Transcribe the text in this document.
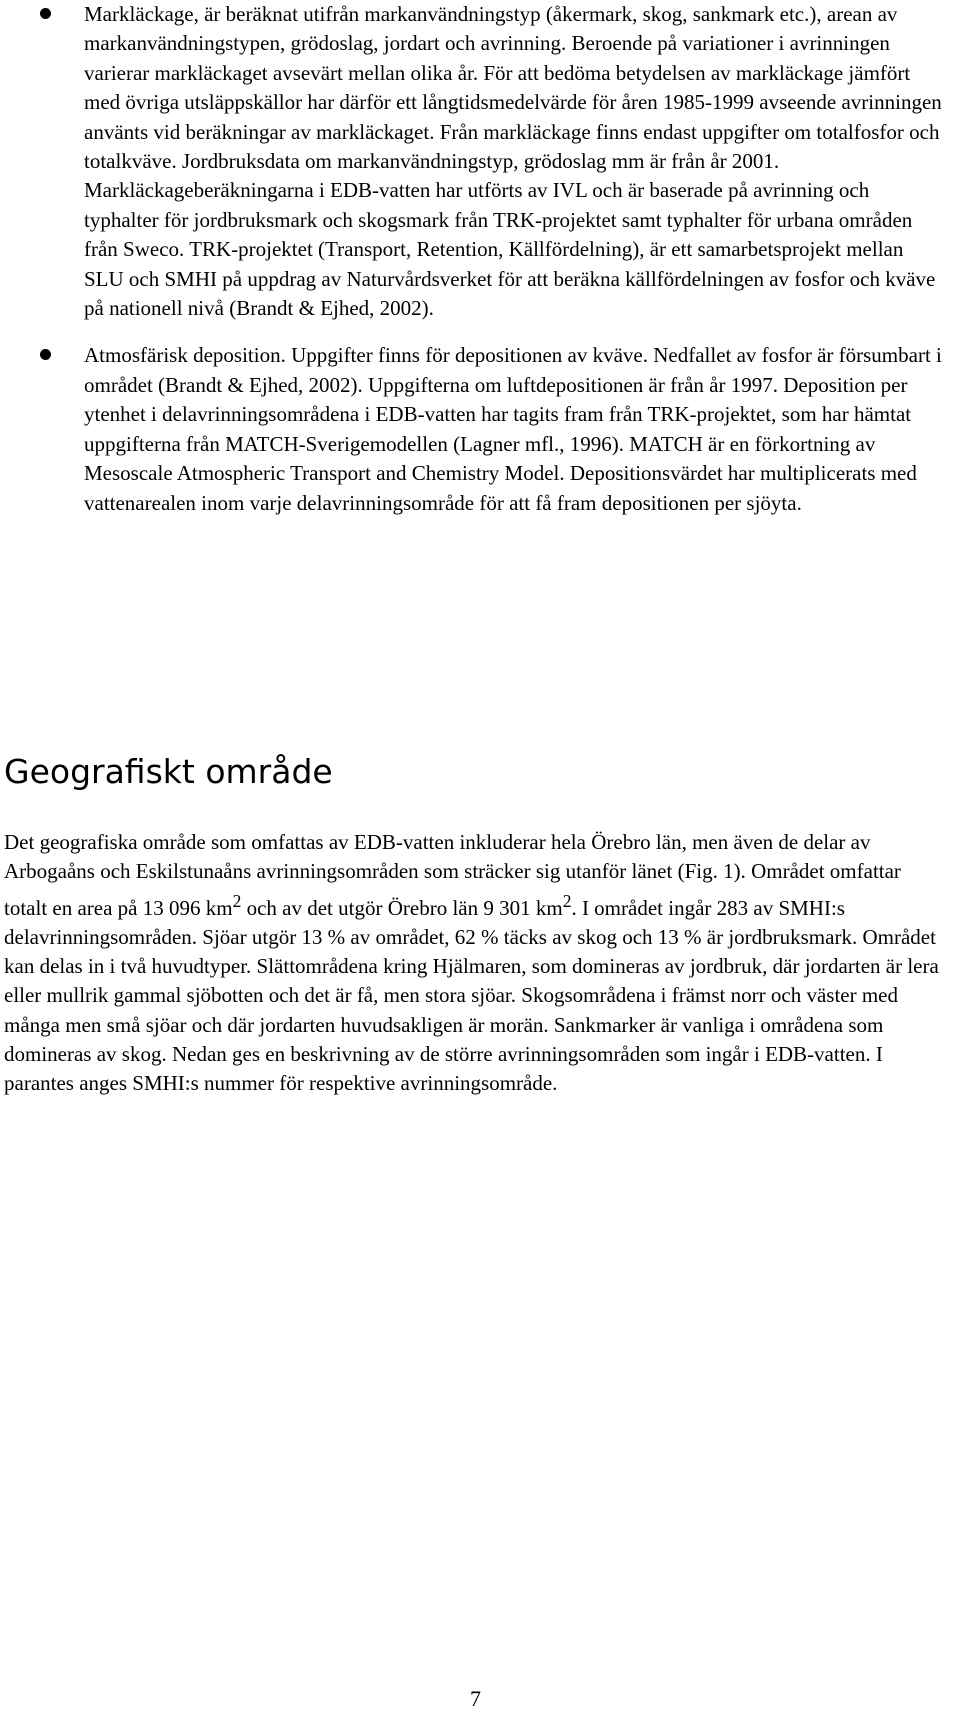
Markläckage, är beräknat utifrån markanvändningstyp (åkermark, skog, sankmark etc.), arean av markanvändningstypen, grödoslag, jordart och avrinning. Beroende på variationer i avrinningen varierar markläckaget avsevärt mellan olika år. För att bedöma betydelsen av markläckage jämfört med övriga utsläppskällor har därför ett långtidsmedelvärde för åren 1985-1999 avseende avrinningen använts vid beräkningar av markläckaget. Från markläckage finns endast uppgifter om totalfosfor och totalkväve. Jordbruksdata om markanvändningstyp, grödoslag mm är från år 2001. Markläckageberäkningarna i EDB-vatten har utförts av IVL och är baserade på avrinning och typhalter för jordbruksmark och skogsmark från TRK-projektet samt typhalter för urbana områden från Sweco. TRK-projektet (Transport, Retention, Källfördelning), är ett samarbetsprojekt mellan SLU och SMHI på uppdrag av Naturvårdsverket för att beräkna källfördelningen av fosfor och kväve på nationell nivå (Brandt & Ejhed, 2002).
Atmosfärisk deposition. Uppgifter finns för depositionen av kväve. Nedfallet av fosfor är försumbart i området (Brandt & Ejhed, 2002). Uppgifterna om luftdepositionen är från år 1997. Deposition per ytenhet i delavrinningsområdena i EDB-vatten har tagits fram från TRK-projektet, som har hämtat uppgifterna från MATCH-Sverigemodellen (Lagner mfl., 1996). MATCH är en förkortning av Mesoscale Atmospheric Transport and Chemistry Model. Depositionsvärdet har multiplicerats med vattenarealen inom varje delavrinningsområde för att få fram depositionen per sjöyta.
Geografiskt område

Det geografiska område som omfattas av EDB-vatten inkluderar hela Örebro län, men även de delar av Arbogaåns och Eskilstunaåns avrinningsområden som sträcker sig utanför länet (Fig. 1). Området omfattar totalt en area på 13 096 $km^2$ och av det utgör Örebro län 9 301 $km^2$. I området ingår 283 av SMHI:s delavrinningsområden. Sjöar utgör 13 % av området, 62 % täcks av skog och 13 % är jordbruksmark. Området kan delas in i två huvudtyper. Slättområdena kring Hjälmaren, som domineras av jordbruk, där jordarten är lera eller mullrik gammal sjöbotten och det är få, men stora sjöar. Skogsområdena i främst norr och väster med många men små sjöar och där jordarten huvudsakligen är morän. Sankmarker är vanliga i områdena som domineras av skog. Nedan ges en beskrivning av de större avrinningsområden som ingår i EDB-vatten. I parantes anges SMHI:s nummer för respektive avrinningsområde.

7
